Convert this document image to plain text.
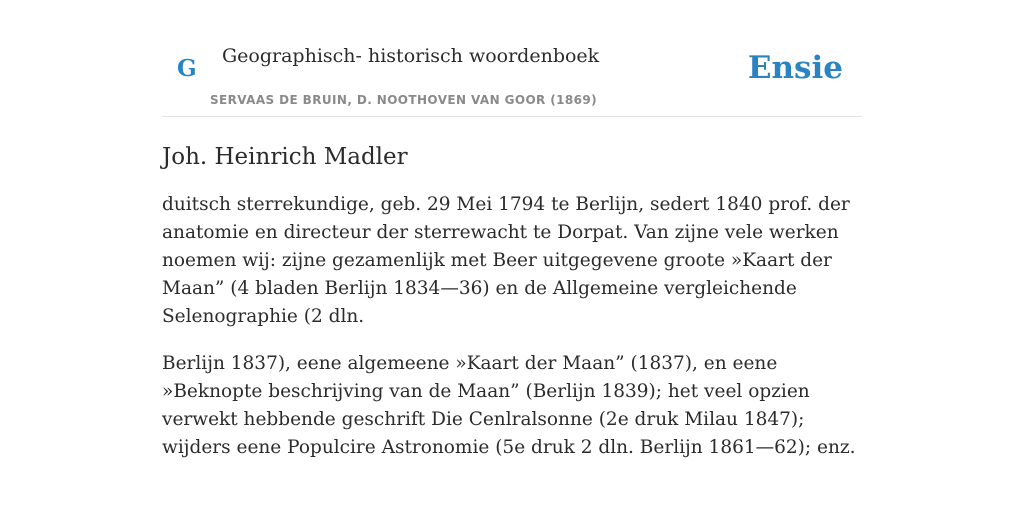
G Geographisch- historisch woordenboek
SERVAAS DE BRUIN, D. NOOTHOVEN VAN GOOR (1869)
Ensie
Joh. Heinrich Madler

duitsch sterrekundige, geb. 29 Mei 1794 te Berlijn, sedert 1840 prof. der anatomie en directeur der sterrewacht te Dorpat. Van zijne vele werken noemen wij: zijne gezamenlijk met Beer uitgegevene groote »Kaart der Maan” (4 bladen Berlijn 1834—36) en de Allgemeine vergleichende Selenographie (2 dln.

Berlijn 1837), eene algemeene »Kaart der Maan” (1837), en eene »Beknopte beschrijving van de Maan” (Berlijn 1839); het veel opzien verwekt hebbende geschrift Die Cenlralsonne (2e druk Milau 1847); wijders eene Populcire Astronomie (5e druk 2 dln. Berlijn 1861—62); enz.
